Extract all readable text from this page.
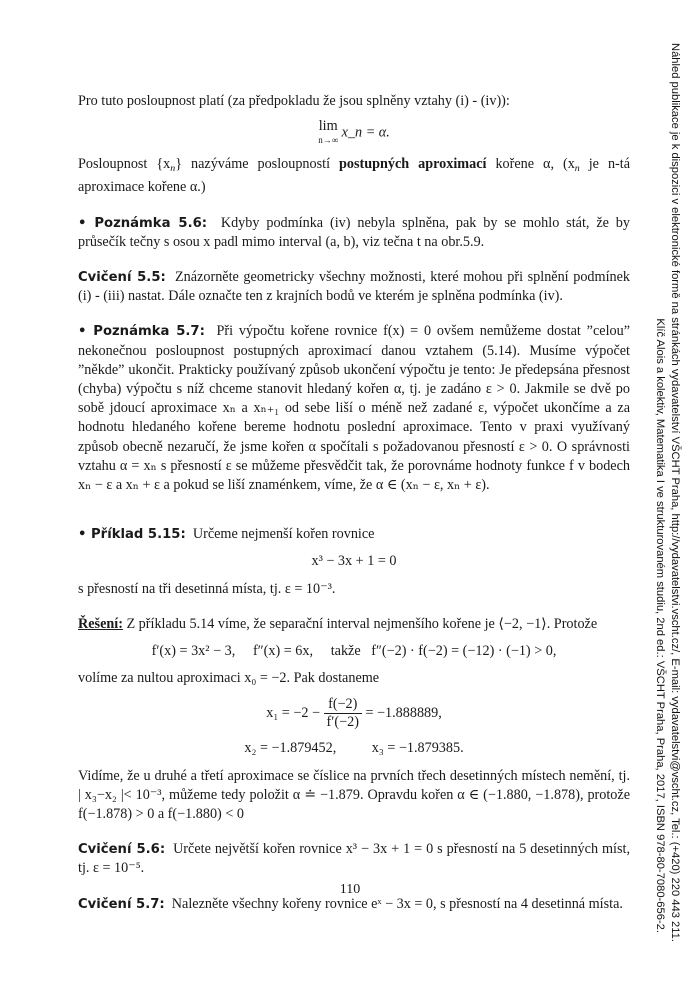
Pro tuto posloupnost platí (za předpokladu že jsou splněny vztahy (i) - (iv)):

lim
n→∞ x_n = α.

Posloupnost $\{x_n\}$ nazýváme posloupností postupných aproximací kořene α, ($x_n$ je n-tá aproximace kořene α.)

• Poznámka 5.6: Kdyby podmínka (iv) nebyla splněna, pak by se mohlo stát, že by průsečík tečny s osou x padl mimo interval (a, b), viz tečna t na obr.5.9.

Cvičení 5.5: Znázorněte geometricky všechny možnosti, které mohou při splnění podmínek (i) - (iii) nastat. Dále označte ten z krajních bodů ve kterém je splněna podmínka (iv).

• Poznámka 5.7: Při výpočtu kořene rovnice f(x) = 0 ovšem nemůžeme dostat ”celou” nekonečnou posloupnost postupných aproximací danou vztahem (5.14). Musíme výpočet ”někde” ukončit. Prakticky používaný způsob ukončení výpočtu je tento: Je předepsána přesnost (chyba) výpočtu s níž chceme stanovit hledaný kořen α, tj. je zadáno ε > 0. Jakmile se dvě po sobě jdoucí aproximace xₙ a xₙ₊₁ od sebe liší o méně než zadané ε, výpočet ukončíme a za hodnotu hledaného kořene bereme hodnotu poslední aproximace. Tento v praxi využívaný způsob obecně nezaručí, že jsme kořen α spočítali s požadovanou přesností ε > 0. O správnosti vztahu α = xₙ s přesností ε se můžeme přesvědčit tak, že porovnáme hodnoty funkce f v bodech xₙ − ε a xₙ + ε a pokud se liší znaménkem, víme, že α ∈ (xₙ − ε, xₙ + ε).

• Příklad 5.15: Určeme nejmenší kořen rovnice

x³ − 3x + 1 = 0

s přesností na tři desetinná místa, tj. ε = 10⁻³.

Řešení: Z příkladu 5.14 víme, že separační interval nejmenšího kořene je ⟨−2, −1⟩. Protože

f′(x) = 3x² − 3,     f″(x) = 6x,     takže   f″(−2) · f(−2) = (−12) · (−1) > 0,

volíme za nultou aproximaci x₀ = −2. Pak dostaneme

$x_1 = -2 - \frac{f(-2)}{f'(-2)} = -1.888889$,

x₂ = −1.879452,          x₃ = −1.879385.

Vidíme, že u druhé a třetí aproximace se číslice na prvních třech desetinných místech nemění, tj. | x₃−x₂ |< 10⁻³, můžeme tedy položit α ≐ −1.879. Opravdu kořen α ∈ (−1.880, −1.878), protože f(−1.878) > 0 a f(−1.880) < 0

Cvičení 5.6: Určete největší kořen rovnice x³ − 3x + 1 = 0 s přesností na 5 desetinných míst, tj. ε = 10⁻⁵.

Cvičení 5.7: Nalezněte všechny kořeny rovnice eˣ − 3x = 0, s přesností na 4 desetinná místa.

110	Náhled publikace je k dispozici v elektronické formě na stránkách vydavatelství VŠCHT Praha, http://vydavatelstvi.vscht.cz/, E-mail: vydavatelstvi@vscht.cz, Tel.: (+420) 220 443 211.
Klíč Alois a kolektiv, Matematika I ve strukturovaném studiu, 2nd ed.: VŠCHT Praha, Praha, 2017, ISBN 978-80-7080-656-2.
